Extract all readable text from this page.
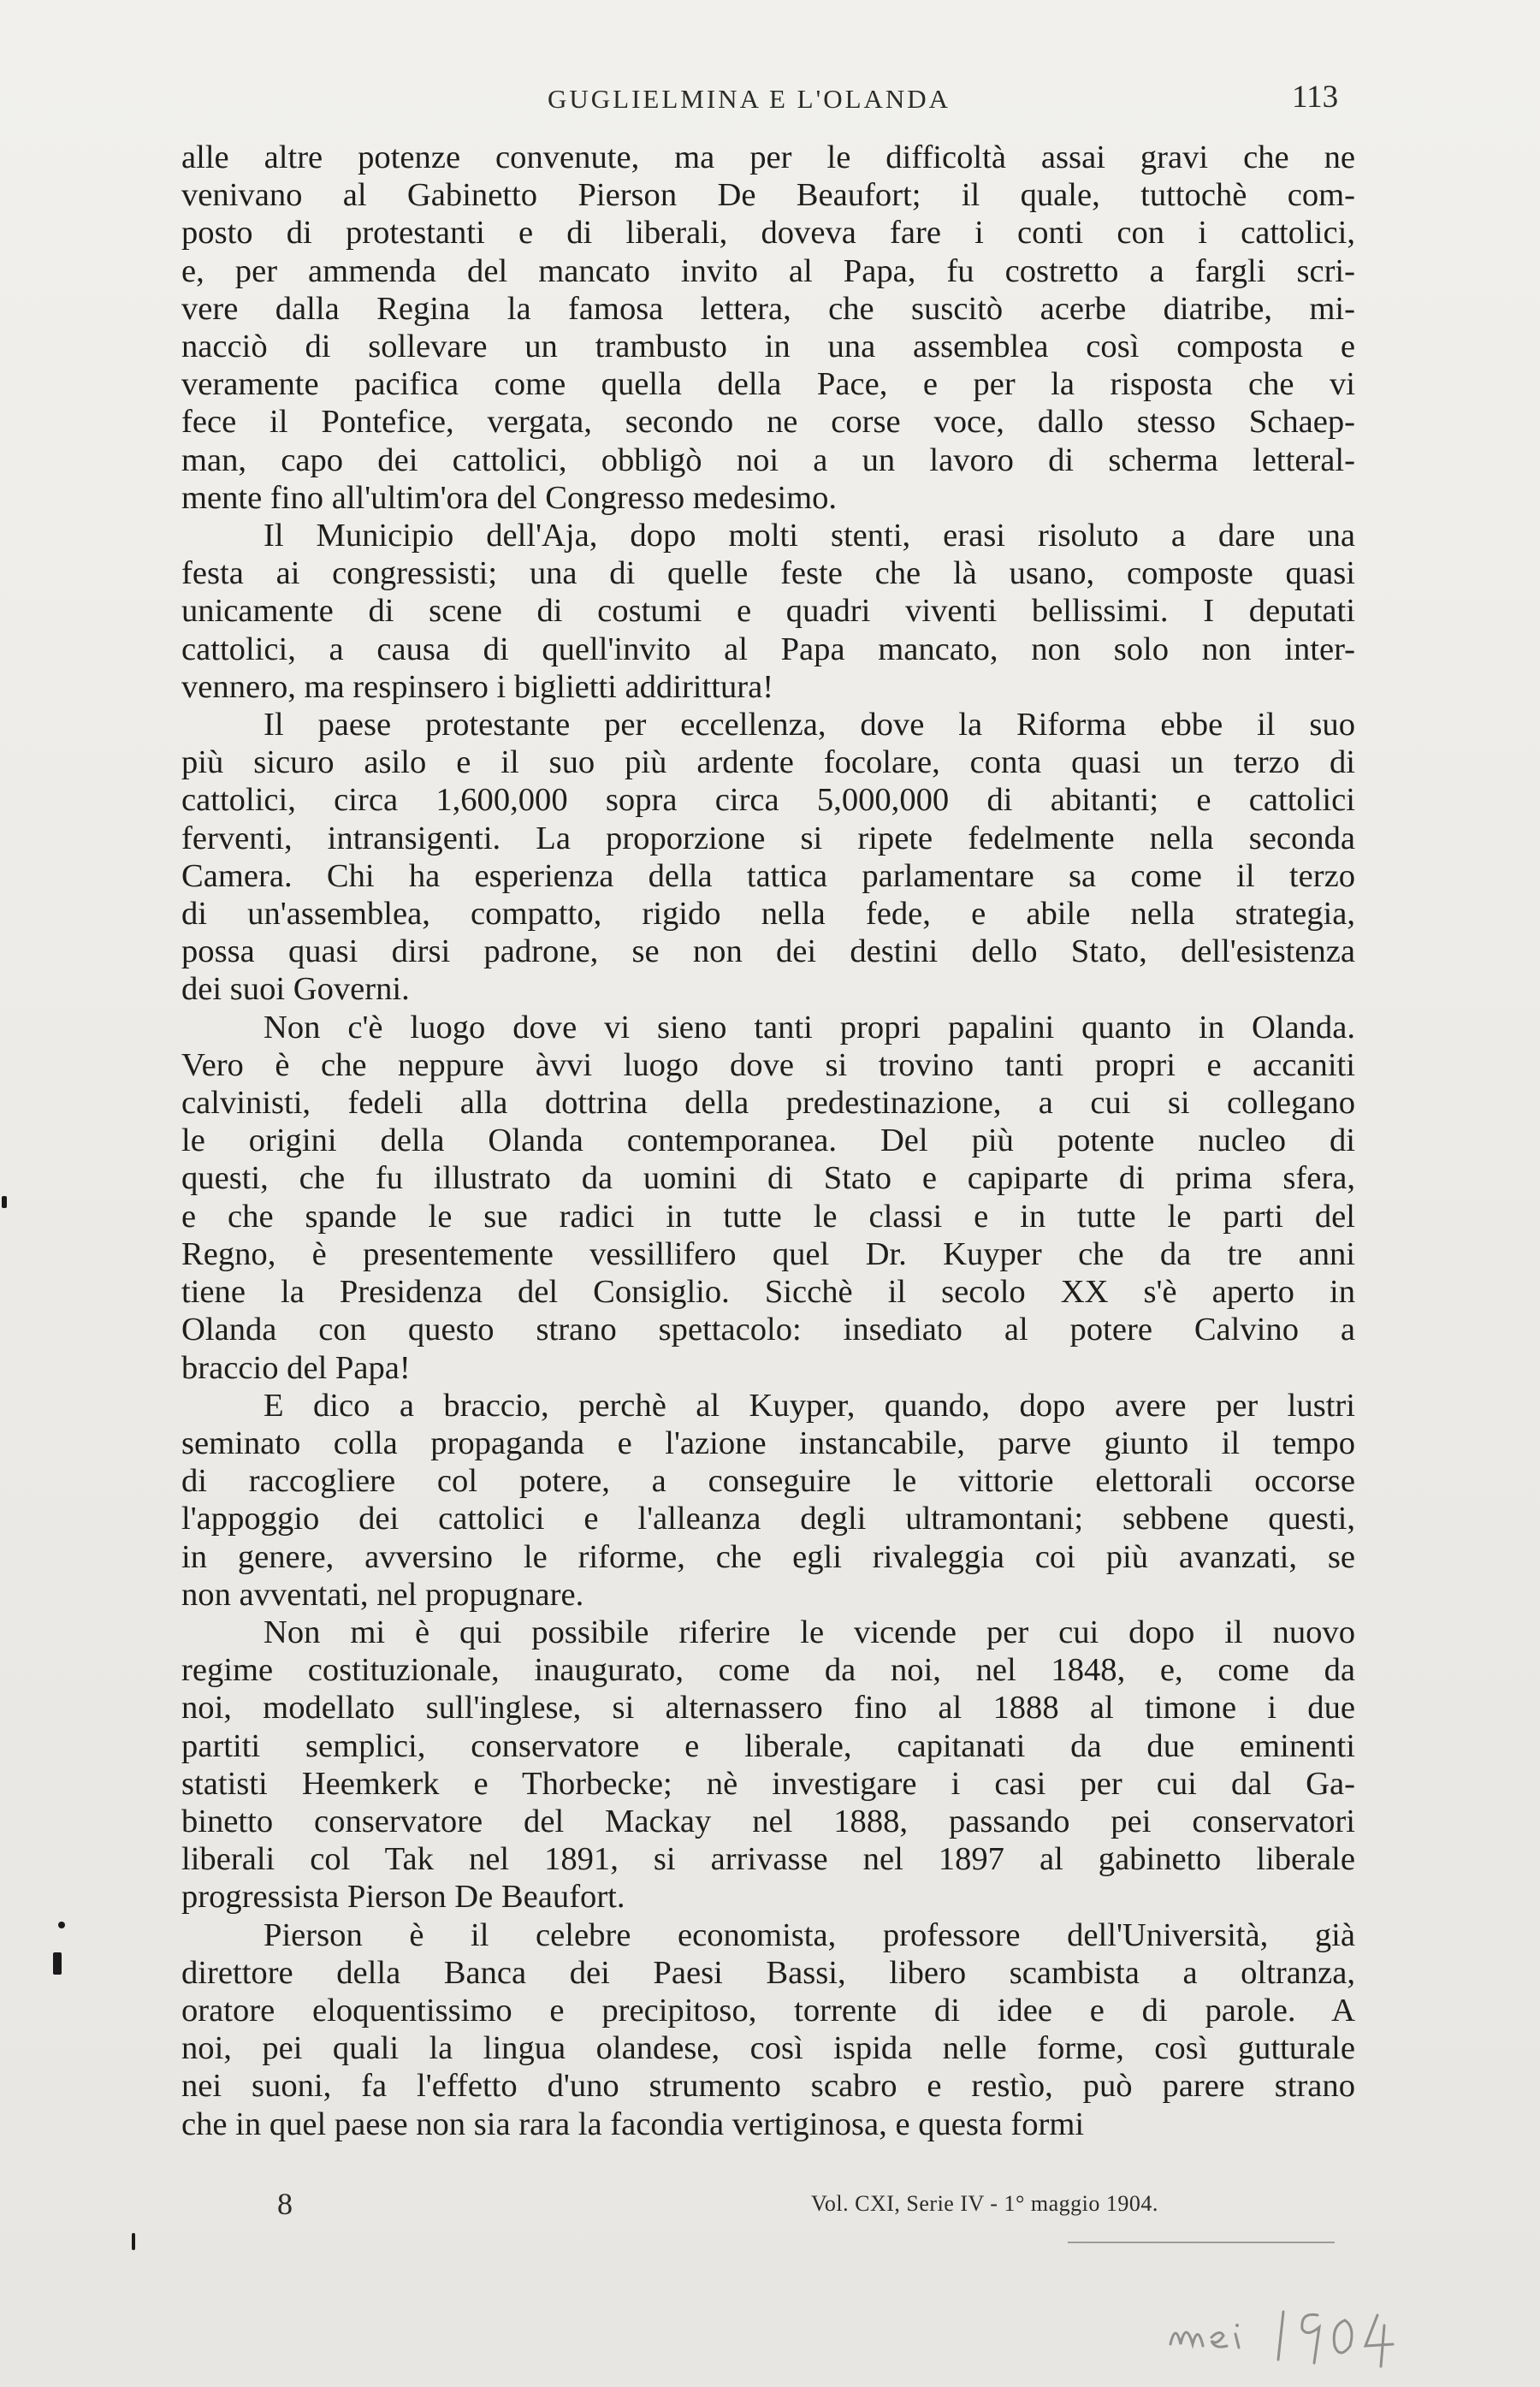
GUGLIELMINA E L'OLANDA	113

alle altre potenze convenute, ma per le difficoltà assai gravi che ne
venivano al Gabinetto Pierson De Beaufort; il quale, tuttochè com-
posto di protestanti e di liberali, doveva fare i conti con i cattolici,
e, per ammenda del mancato invito al Papa, fu costretto a fargli scri-
vere dalla Regina la famosa lettera, che suscitò acerbe diatribe, mi-
nacciò di sollevare un trambusto in una assemblea così composta e
veramente pacifica come quella della Pace, e per la risposta che vi
fece il Pontefice, vergata, secondo ne corse voce, dallo stesso Schaep-
man, capo dei cattolici, obbligò noi a un lavoro di scherma letteral-
mente fino all'ultim'ora del Congresso medesimo.

Il Municipio dell'Aja, dopo molti stenti, erasi risoluto a dare una
festa ai congressisti; una di quelle feste che là usano, composte quasi
unicamente di scene di costumi e quadri viventi bellissimi. I deputati
cattolici, a causa di quell'invito al Papa mancato, non solo non inter-
vennero, ma respinsero i biglietti addirittura!

Il paese protestante per eccellenza, dove la Riforma ebbe il suo
più sicuro asilo e il suo più ardente focolare, conta quasi un terzo di
cattolici, circa 1,600,000 sopra circa 5,000,000 di abitanti; e cattolici
ferventi, intransigenti. La proporzione si ripete fedelmente nella seconda
Camera. Chi ha esperienza della tattica parlamentare sa come il terzo
di un'assemblea, compatto, rigido nella fede, e abile nella strategia,
possa quasi dirsi padrone, se non dei destini dello Stato, dell'esistenza
dei suoi Governi.

Non c'è luogo dove vi sieno tanti propri papalini quanto in Olanda.
Vero è che neppure àvvi luogo dove si trovino tanti propri e accaniti
calvinisti, fedeli alla dottrina della predestinazione, a cui si collegano
le origini della Olanda contemporanea. Del più potente nucleo di
questi, che fu illustrato da uomini di Stato e capiparte di prima sfera,
e che spande le sue radici in tutte le classi e in tutte le parti del
Regno, è presentemente vessillifero quel Dr. Kuyper che da tre anni
tiene la Presidenza del Consiglio. Sicchè il secolo XX s'è aperto in
Olanda con questo strano spettacolo: insediato al potere Calvino a
braccio del Papa!

E dico a braccio, perchè al Kuyper, quando, dopo avere per lustri
seminato colla propaganda e l'azione instancabile, parve giunto il tempo
di raccogliere col potere, a conseguire le vittorie elettorali occorse
l'appoggio dei cattolici e l'alleanza degli ultramontani; sebbene questi,
in genere, avversino le riforme, che egli rivaleggia coi più avanzati, se
non avventati, nel propugnare.

Non mi è qui possibile riferire le vicende per cui dopo il nuovo
regime costituzionale, inaugurato, come da noi, nel 1848, e, come da
noi, modellato sull'inglese, si alternassero fino al 1888 al timone i due
partiti semplici, conservatore e liberale, capitanati da due eminenti
statisti Heemkerk e Thorbecke; nè investigare i casi per cui dal Ga-
binetto conservatore del Mackay nel 1888, passando pei conservatori
liberali col Tak nel 1891, si arrivasse nel 1897 al gabinetto liberale
progressista Pierson De Beaufort.

Pierson è il celebre economista, professore dell'Università, già
direttore della Banca dei Paesi Bassi, libero scambista a oltranza,
oratore eloquentissimo e precipitoso, torrente di idee e di parole. A
noi, pei quali la lingua olandese, così ispida nelle forme, così gutturale
nei suoni, fa l'effetto d'uno strumento scabro e restìo, può parere strano
che in quel paese non sia rara la facondia vertiginosa, e questa formi

8	Vol. CXI, Serie IV - 1° maggio 1904.
